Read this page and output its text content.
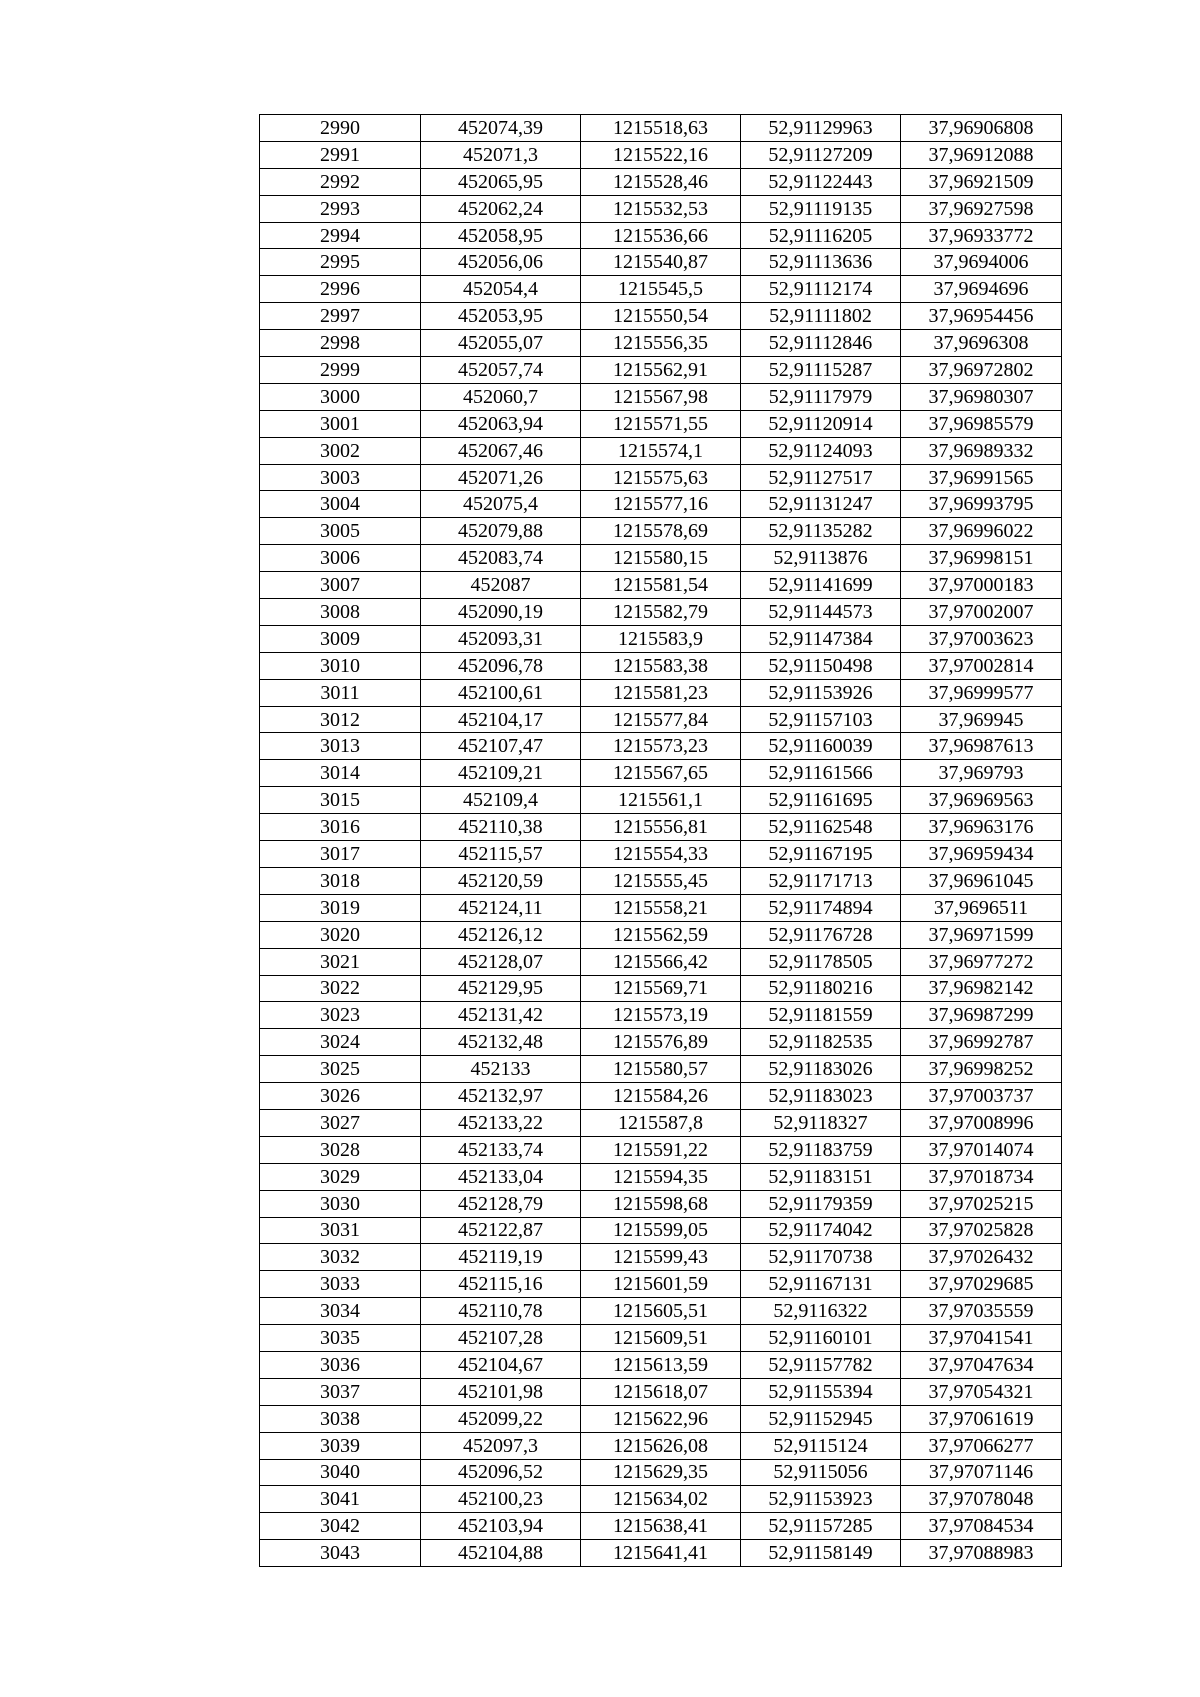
2990	452074,39	1215518,63	52,91129963	37,96906808
2991	452071,3	1215522,16	52,91127209	37,96912088
2992	452065,95	1215528,46	52,91122443	37,96921509
2993	452062,24	1215532,53	52,91119135	37,96927598
2994	452058,95	1215536,66	52,91116205	37,96933772
2995	452056,06	1215540,87	52,91113636	37,9694006
2996	452054,4	1215545,5	52,91112174	37,9694696
2997	452053,95	1215550,54	52,91111802	37,96954456
2998	452055,07	1215556,35	52,91112846	37,9696308
2999	452057,74	1215562,91	52,91115287	37,96972802
3000	452060,7	1215567,98	52,91117979	37,96980307
3001	452063,94	1215571,55	52,91120914	37,96985579
3002	452067,46	1215574,1	52,91124093	37,96989332
3003	452071,26	1215575,63	52,91127517	37,96991565
3004	452075,4	1215577,16	52,91131247	37,96993795
3005	452079,88	1215578,69	52,91135282	37,96996022
3006	452083,74	1215580,15	52,9113876	37,96998151
3007	452087	1215581,54	52,91141699	37,97000183
3008	452090,19	1215582,79	52,91144573	37,97002007
3009	452093,31	1215583,9	52,91147384	37,97003623
3010	452096,78	1215583,38	52,91150498	37,97002814
3011	452100,61	1215581,23	52,91153926	37,96999577
3012	452104,17	1215577,84	52,91157103	37,969945
3013	452107,47	1215573,23	52,91160039	37,96987613
3014	452109,21	1215567,65	52,91161566	37,969793
3015	452109,4	1215561,1	52,91161695	37,96969563
3016	452110,38	1215556,81	52,91162548	37,96963176
3017	452115,57	1215554,33	52,91167195	37,96959434
3018	452120,59	1215555,45	52,91171713	37,96961045
3019	452124,11	1215558,21	52,91174894	37,9696511
3020	452126,12	1215562,59	52,91176728	37,96971599
3021	452128,07	1215566,42	52,91178505	37,96977272
3022	452129,95	1215569,71	52,91180216	37,96982142
3023	452131,42	1215573,19	52,91181559	37,96987299
3024	452132,48	1215576,89	52,91182535	37,96992787
3025	452133	1215580,57	52,91183026	37,96998252
3026	452132,97	1215584,26	52,91183023	37,97003737
3027	452133,22	1215587,8	52,9118327	37,97008996
3028	452133,74	1215591,22	52,91183759	37,97014074
3029	452133,04	1215594,35	52,91183151	37,97018734
3030	452128,79	1215598,68	52,91179359	37,97025215
3031	452122,87	1215599,05	52,91174042	37,97025828
3032	452119,19	1215599,43	52,91170738	37,97026432
3033	452115,16	1215601,59	52,91167131	37,97029685
3034	452110,78	1215605,51	52,9116322	37,97035559
3035	452107,28	1215609,51	52,91160101	37,97041541
3036	452104,67	1215613,59	52,91157782	37,97047634
3037	452101,98	1215618,07	52,91155394	37,97054321
3038	452099,22	1215622,96	52,91152945	37,97061619
3039	452097,3	1215626,08	52,9115124	37,97066277
3040	452096,52	1215629,35	52,9115056	37,97071146
3041	452100,23	1215634,02	52,91153923	37,97078048
3042	452103,94	1215638,41	52,91157285	37,97084534
3043	452104,88	1215641,41	52,91158149	37,97088983
